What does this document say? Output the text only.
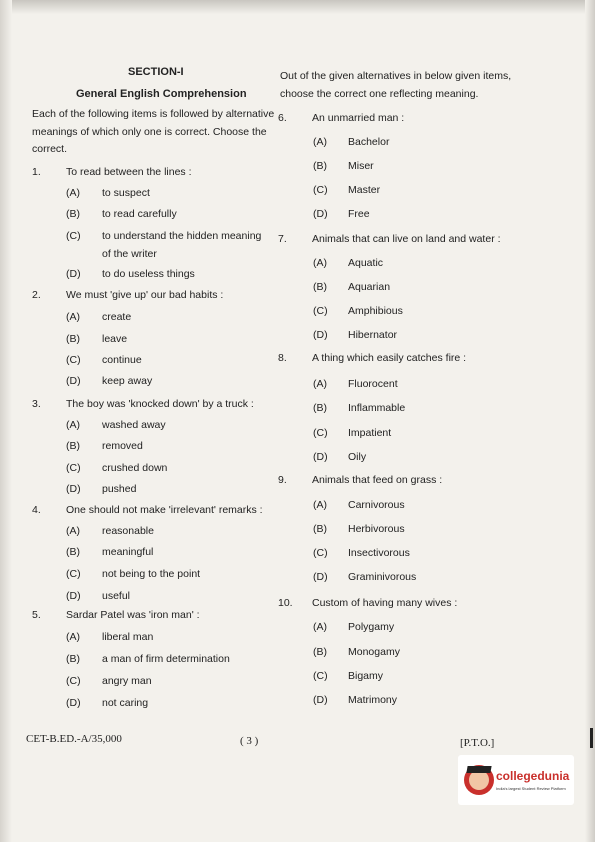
SECTION-I
General English Comprehension
Each of the following items is followed by alternative
meanings of which only one is correct. Choose the
correct.
1. To read between the lines :
(A) to suspect
(B) to read carefully
(C) to understand the hidden meaning
of the writer
(D) to do useless things
2. We must 'give up' our bad habits :
(A) create
(B) leave
(C) continue
(D) keep away
3. The boy was 'knocked down' by a truck :
(A) washed away
(B) removed
(C) crushed down
(D) pushed
4. One should not make 'irrelevant' remarks :
(A) reasonable
(B) meaningful
(C) not being to the point
(D) useful
5. Sardar Patel was 'iron man' :
(A) liberal man
(B) a man of firm determination
(C) angry man
(D) not caring
Out of the given alternatives in below given items,
choose the correct one reflecting meaning.
6. An unmarried man :
(A) Bachelor
(B) Miser
(C) Master
(D) Free
7. Animals that can live on land and water :
(A) Aquatic
(B) Aquarian
(C) Amphibious
(D) Hibernator
8. A thing which easily catches fire :
(A) Fluorocent
(B) Inflammable
(C) Impatient
(D) Oily
9. Animals that feed on grass :
(A) Carnivorous
(B) Herbivorous
(C) Insectivorous
(D) Graminivorous
10. Custom of having many wives :
(A) Polygamy
(B) Monogamy
(C) Bigamy
(D) Matrimony
CET-B.ED.-A/35,000	( 3 )	[P.T.O.]
collegedunia
India's largest Student Review Platform
